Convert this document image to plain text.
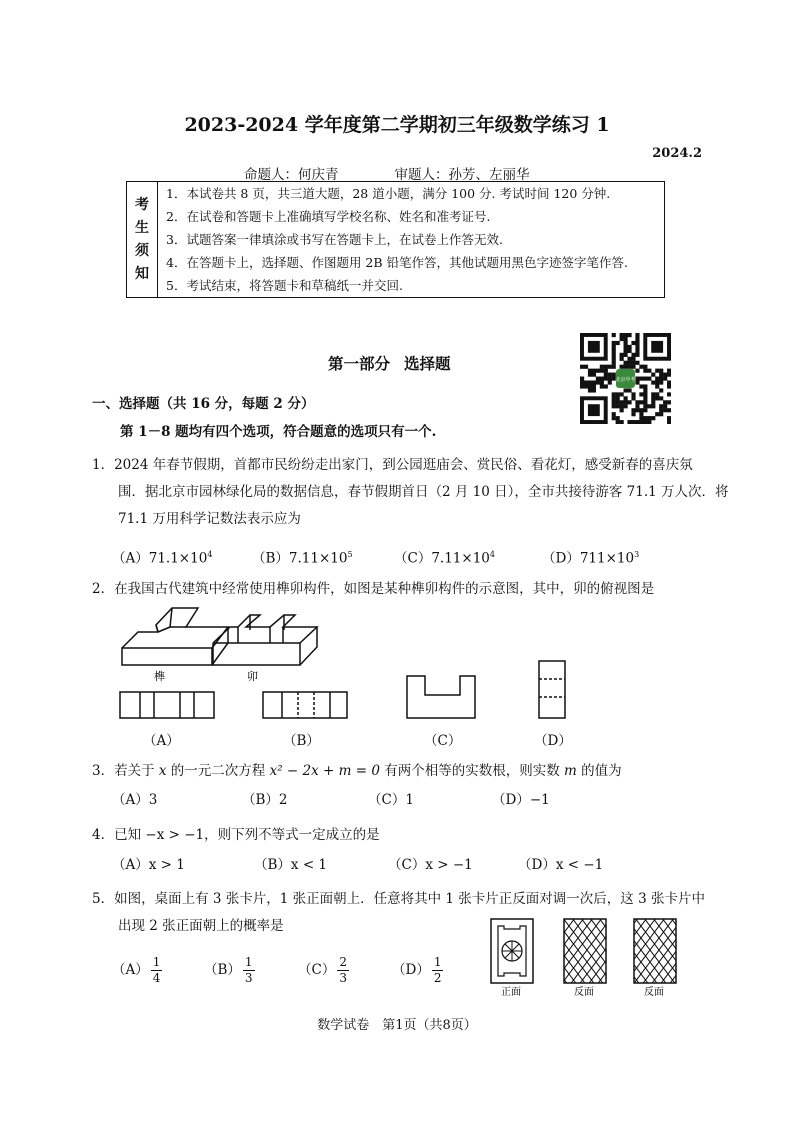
2023-2024 学年度第二学期初三年级数学练习 1
2024.2
命题人：何庆青	审题人：孙芳、左丽华
考
生
须
知

1．本试卷共 8 页，共三道大题，28 道小题，满分 100 分. 考试时间 120 分钟.
2．在试卷和答题卡上准确填写学校名称、姓名和准考证号.
3．试题答案一律填涂或书写在答题卡上，在试卷上作答无效.
4．在答题卡上，选择题、作图题用 2B 铅笔作答，其他试题用黑色字迹签字笔作答.
5．考试结束，将答题卡和草稿纸一并交回.
第一部分 选择题
北京中考
一、选择题（共 16 分，每题 2 分）
第 1－8 题均有四个选项，符合题意的选项只有一个.
1．2024 年春节假期，首都市民纷纷走出家门，到公园逛庙会、赏民俗、看花灯，感受新春的喜庆氛
围．据北京市园林绿化局的数据信息，春节假期首日（2 月 10 日），全市共接待游客 71.1 万人次．将
71.1 万用科学记数法表示应为
$(A)71.1\times 10^4$	$(B)7.11\times 10^5$	$(C)7.11\times 10^4$	$(D)711\times 10^3$
2．在我国古代建筑中经常使用榫卯构件，如图是某种榫卯构件的示意图，其中，卯的俯视图是
榫	卯
（A）	（B）	（C）	（D）
3．若关于 x 的一元二次方程 x² − 2x + m = 0 有两个相等的实数根，则实数 m 的值为
（A）3	（B）2	（C）1	（D）−1
4．已知 −x > −1，则下列不等式一定成立的是
（A）x > 1	（B）x < 1	（C）x > −1	（D）x < −1
5．如图，桌面上有 3 张卡片，1 张正面朝上．任意将其中 1 张卡片正反面对调一次后，这 3 张卡片中
出现 2 张正面朝上的概率是
$(A) \frac{1}{4}$	$(B) \frac{1}{3}$	$(C) \frac{2}{3}$	$(D) \frac{1}{2}$
正面	反面	反面
数学试卷　第1页（共8页）
